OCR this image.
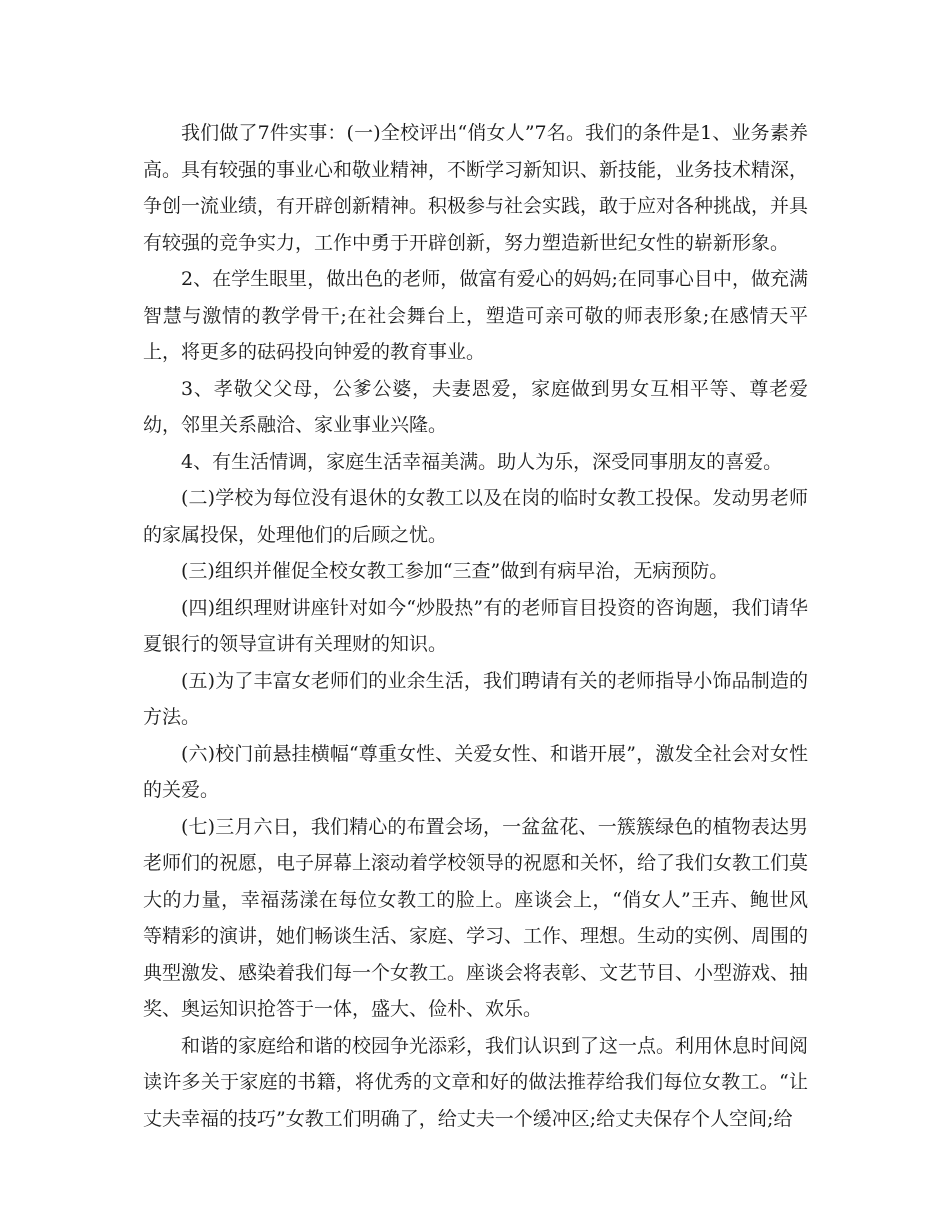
我们做了7件实事：(一)全校评出“俏女人”7名。我们的条件是1、业务素养高。具有较强的事业心和敬业精神，不断学习新知识、新技能，业务技术精深，争创一流业绩，有开辟创新精神。积极参与社会实践，敢于应对各种挑战，并具有较强的竞争实力，工作中勇于开辟创新，努力塑造新世纪女性的崭新形象。

2、在学生眼里，做出色的老师，做富有爱心的妈妈;在同事心目中，做充满智慧与激情的教学骨干;在社会舞台上，塑造可亲可敬的师表形象;在感情天平上，将更多的砝码投向钟爱的教育事业。

3、孝敬父父母，公爹公婆，夫妻恩爱，家庭做到男女互相平等、尊老爱幼，邻里关系融洽、家业事业兴隆。

4、有生活情调，家庭生活幸福美满。助人为乐，深受同事朋友的喜爱。

(二)学校为每位没有退休的女教工以及在岗的临时女教工投保。发动男老师的家属投保，处理他们的后顾之忧。

(三)组织并催促全校女教工参加“三查”做到有病早治，无病预防。

(四)组织理财讲座针对如今“炒股热”有的老师盲目投资的咨询题，我们请华夏银行的领导宣讲有关理财的知识。

(五)为了丰富女老师们的业余生活，我们聘请有关的老师指导小饰品制造的方法。

(六)校门前悬挂横幅“尊重女性、关爱女性、和谐开展”，激发全社会对女性的关爱。

(七)三月六日，我们精心的布置会场，一盆盆花、一簇簇绿色的植物表达男老师们的祝愿，电子屏幕上滚动着学校领导的祝愿和关怀，给了我们女教工们莫大的力量，幸福荡漾在每位女教工的脸上。座谈会上，“俏女人”王卉、鲍世风等精彩的演讲，她们畅谈生活、家庭、学习、工作、理想。生动的实例、周围的典型激发、感染着我们每一个女教工。座谈会将表彰、文艺节目、小型游戏、抽奖、奥运知识抢答于一体，盛大、俭朴、欢乐。

和谐的家庭给和谐的校园争光添彩，我们认识到了这一点。利用休息时间阅读许多关于家庭的书籍，将优秀的文章和好的做法推荐给我们每位女教工。“让丈夫幸福的技巧”女教工们明确了，给丈夫一个缓冲区;给丈夫保存个人空间;给
